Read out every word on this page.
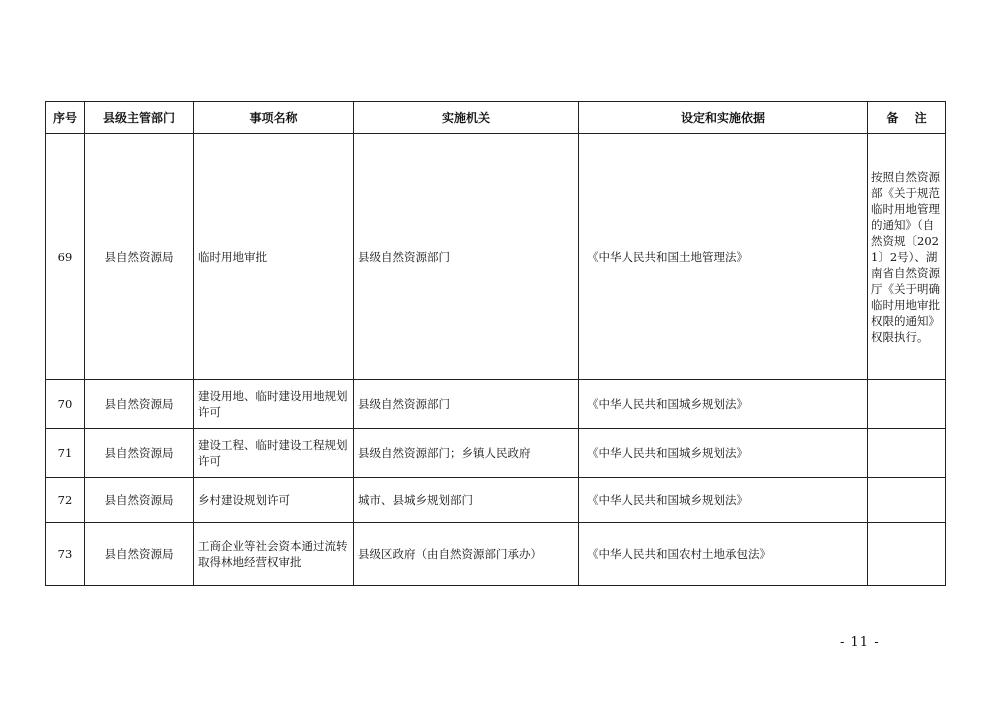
序号	县级主管部门	事项名称	实施机关	设定和实施依据	备　 注
69	县自然资源局	临时用地审批	县级自然资源部门	《中华人民共和国土地管理法》	按照自然资源部《关于规范临时用地管理的通知》（自然资规〔2021〕2号）、湖南省自然资源厅《关于明确临时用地审批权限的通知》权限执行。
70	县自然资源局	建设用地、临时建设用地规划许可	县级自然资源部门	《中华人民共和国城乡规划法》	
71	县自然资源局	建设工程、临时建设工程规划许可	县级自然资源部门；乡镇人民政府	《中华人民共和国城乡规划法》	
72	县自然资源局	乡村建设规划许可	城市、县城乡规划部门	《中华人民共和国城乡规划法》	
73	县自然资源局	工商企业等社会资本通过流转取得林地经营权审批	县级区政府（由自然资源部门承办）	《中华人民共和国农村土地承包法》	
- 11 -
